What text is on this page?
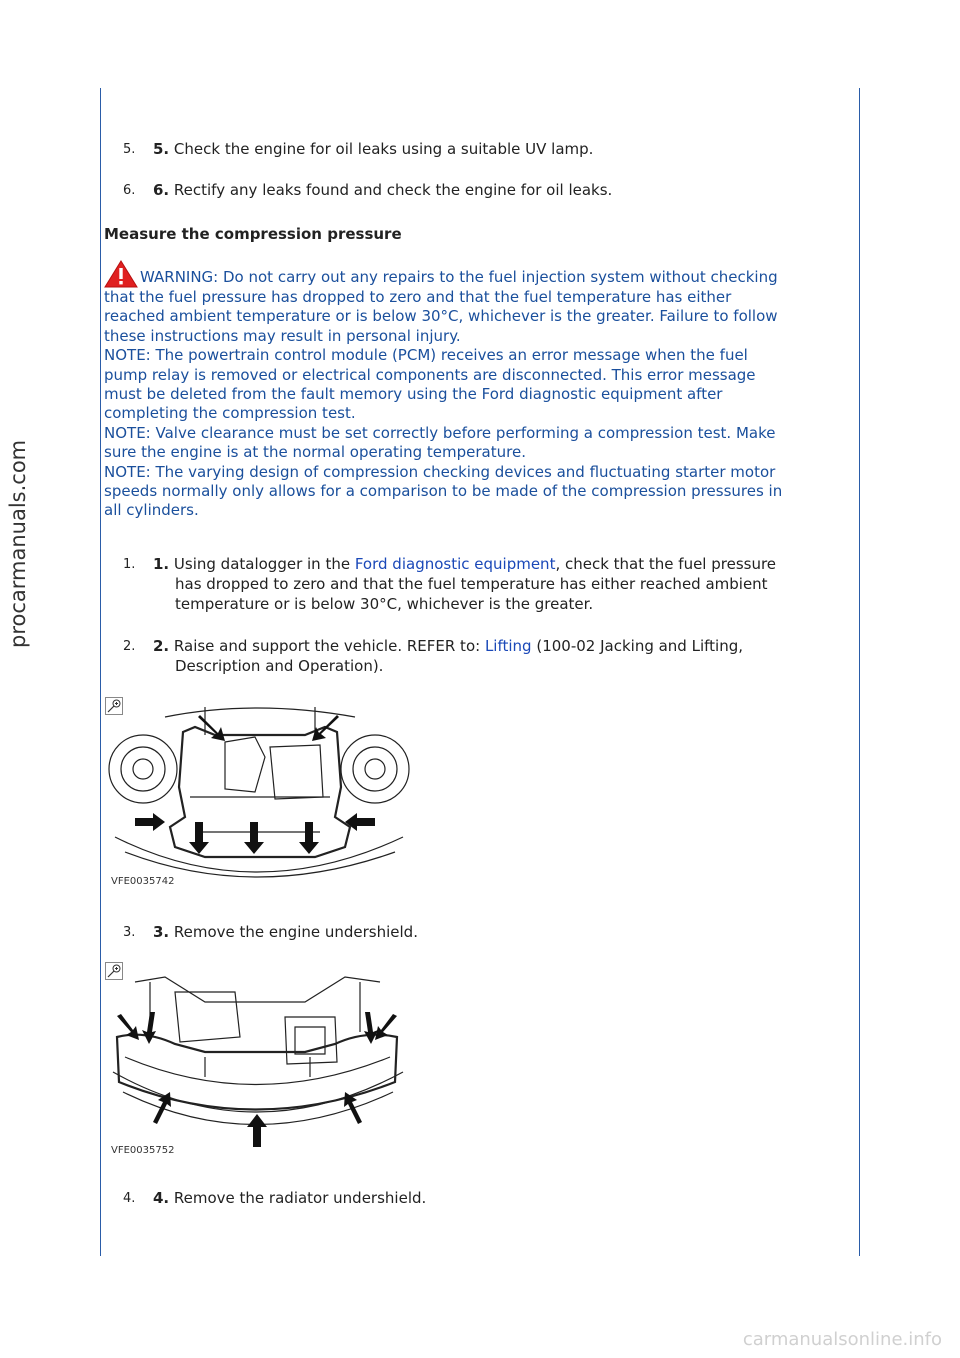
procarmanuals.com
5. 5. Check the engine for oil leaks using a suitable UV lamp.
6. 6. Rectify any leaks found and check the engine for oil leaks.
Measure the compression pressure
WARNING: Do not carry out any repairs to the fuel injection system without checking
that the fuel pressure has dropped to zero and that the fuel temperature has either
reached ambient temperature or is below 30°C, whichever is the greater. Failure to follow
these instructions may result in personal injury.
NOTE: The powertrain control module (PCM) receives an error message when the fuel
pump relay is removed or electrical components are disconnected. This error message
must be deleted from the fault memory using the Ford diagnostic equipment after
completing the compression test.
NOTE: Valve clearance must be set correctly before performing a compression test. Make
sure the engine is at the normal operating temperature.
NOTE: The varying design of compression checking devices and fluctuating starter motor
speeds normally only allows for a comparison to be made of the compression pressures in
all cylinders.
1. 1. Using datalogger in the Ford diagnostic equipment, check that the fuel pressure
has dropped to zero and that the fuel temperature has either reached ambient
temperature or is below 30°C, whichever is the greater.
2. 2. Raise and support the vehicle. REFER to: Lifting (100-02 Jacking and Lifting,
Description and Operation).
VFE0035742
3. 3. Remove the engine undershield.
VFE0035752
4. 4. Remove the radiator undershield.
carmanualsonline.info
